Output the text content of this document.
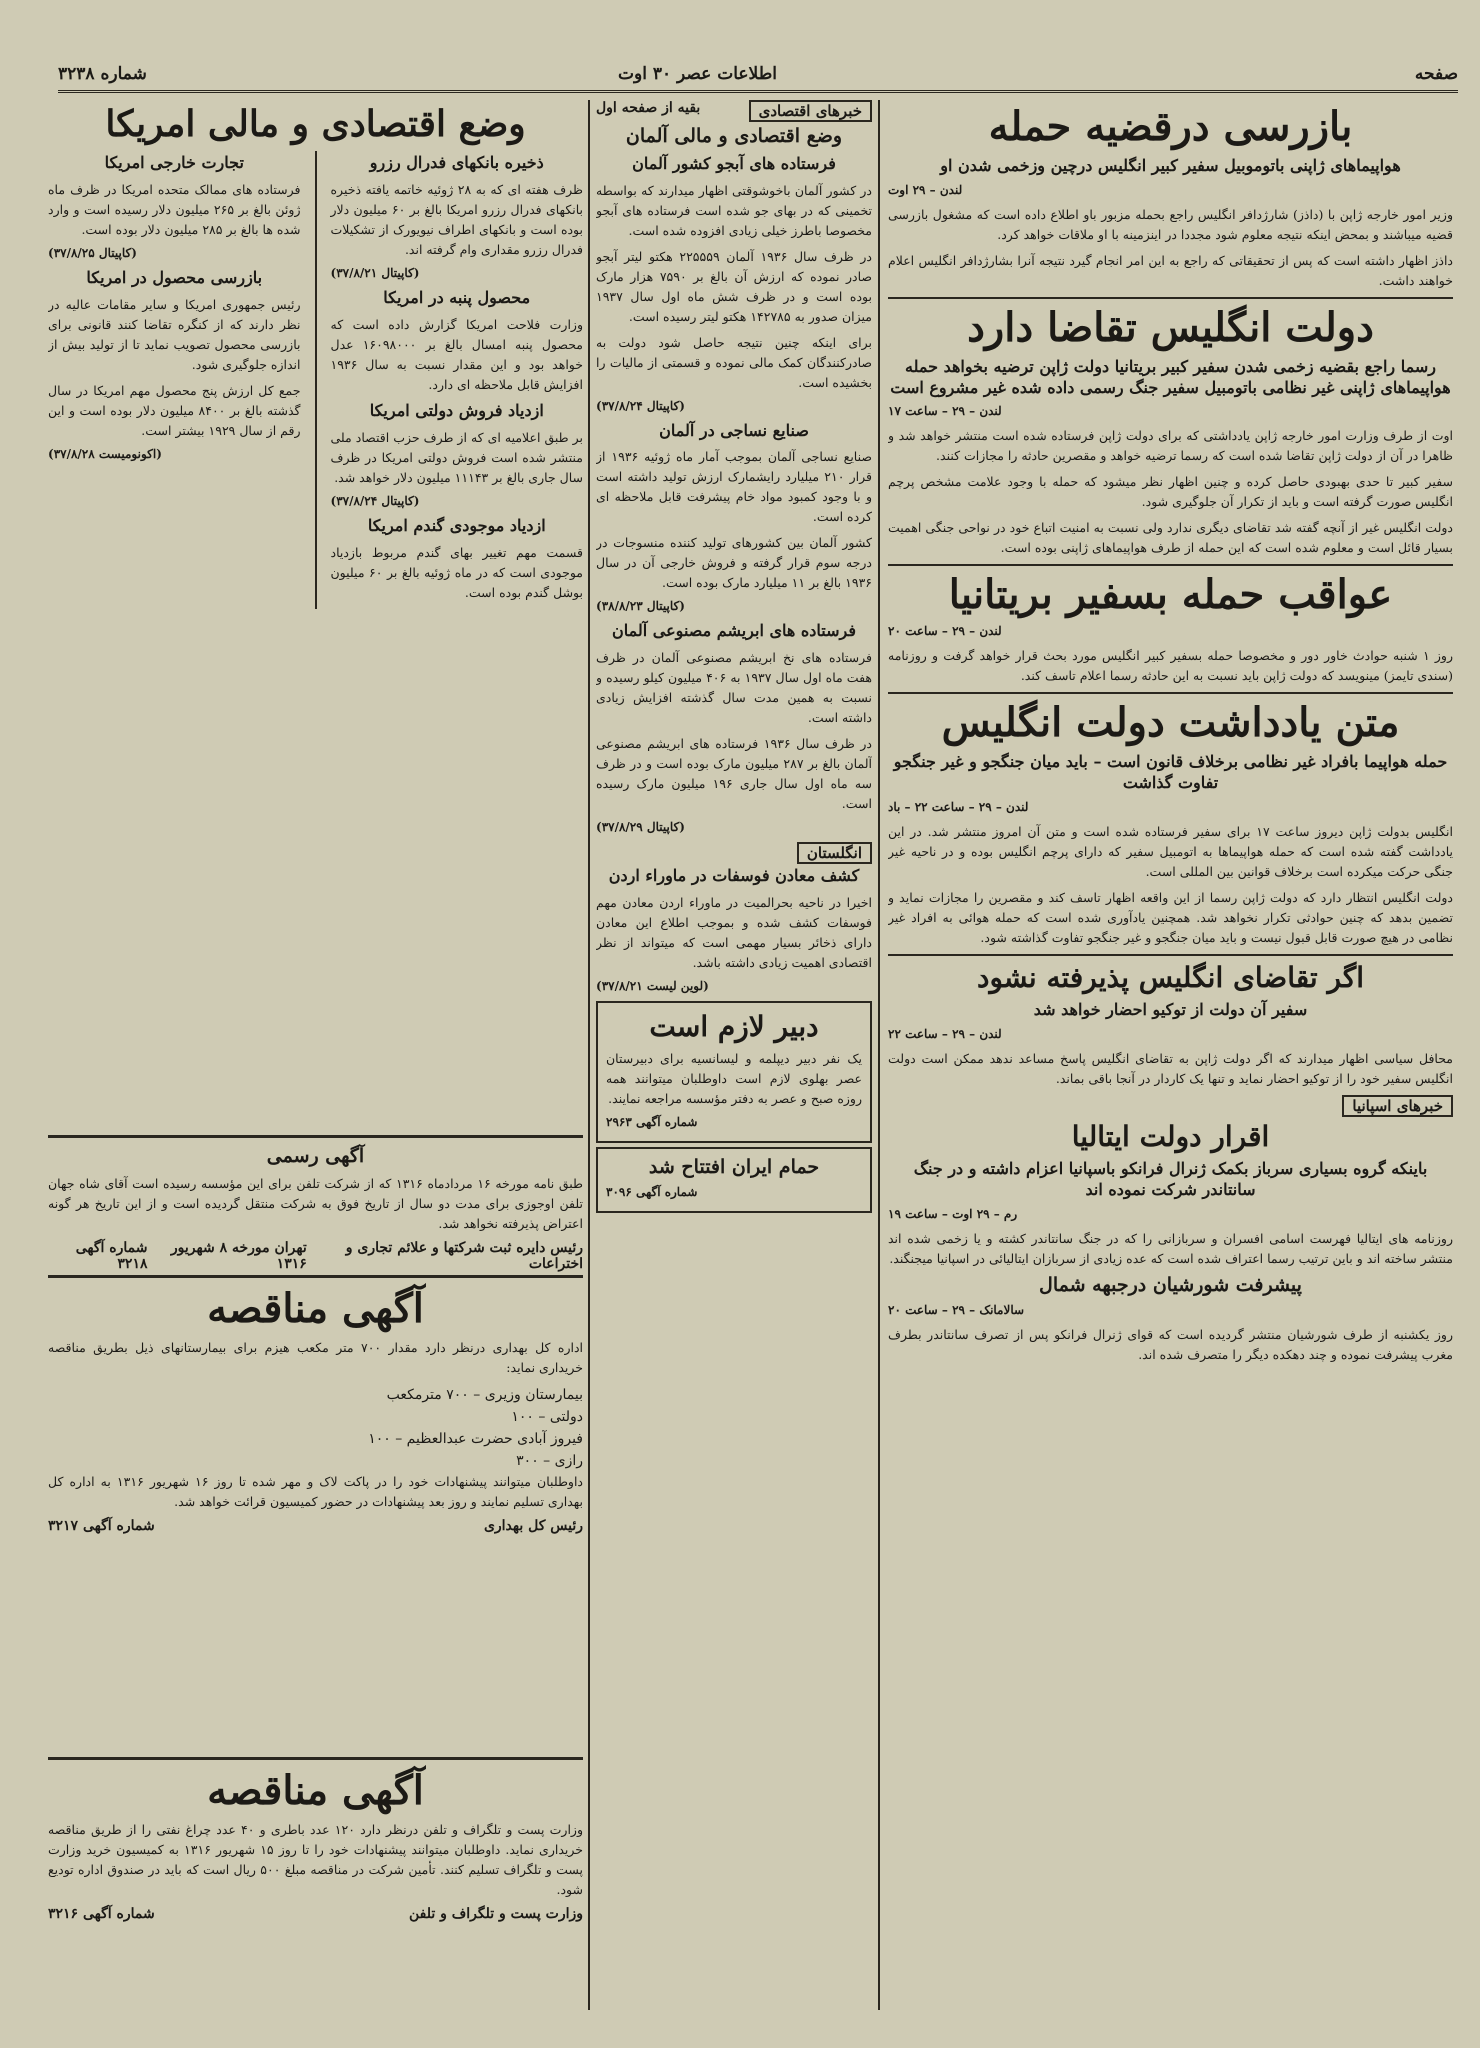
صفحه
اطلاعات عصر ۳۰ اوت
شماره ۳۲۳۸
بازرسی درقضیه حمله
هواپیماهای ژاپنی باتوموبیل سفیر کبیر انگلیس درچین وزخمی شدن او
لندن – ۲۹ اوت

وزیر امور خارجه ژاپن با (داذز) شارژدافر انگلیس راجع بحمله مزبور باو اطلاع داده است که مشغول بازرسی قضیه میباشند و بمحض اینکه نتیجه معلوم شود مجددا در اینزمینه با او ملاقات خواهد کرد.

داذز اظهار داشته است که پس از تحقیقاتی که راجع به این امر انجام گیرد نتیجه آنرا بشارژدافر انگلیس اعلام خواهند داشت.

دولت انگلیس تقاضا دارد
رسما راجع بقضیه زخمی شدن سفیر کبیر بریتانیا دولت ژاپن ترضیه بخواهد حمله هواپیماهای ژاپنی غیر نظامی باتومبیل سفیر جنگ رسمی داده شده غیر مشروع است
لندن – ۲۹ – ساعت ۱۷

اوت از طرف وزارت امور خارجه ژاپن یادداشتی که برای دولت ژاپن فرستاده شده است منتشر خواهد شد و ظاهرا در آن از دولت ژاپن تقاضا شده است که رسما ترضیه خواهد و مقصرین حادثه را مجازات کنند.

سفیر کبیر تا حدی بهبودی حاصل کرده و چنین اظهار نظر میشود که حمله با وجود علامت مشخص پرچم انگلیس صورت گرفته است و باید از تکرار آن جلوگیری شود.

دولت انگلیس غیر از آنچه گفته شد تقاضای دیگری ندارد ولی نسبت به امنیت اتباع خود در نواحی جنگی اهمیت بسیار قائل است و معلوم شده است که این حمله از طرف هواپیماهای ژاپنی بوده است.

عواقب حمله بسفیر بریتانیا
لندن – ۲۹ – ساعت ۲۰

روز ۱ شنبه حوادث خاور دور و مخصوصا حمله بسفیر کبیر انگلیس مورد بحث قرار خواهد گرفت و روزنامه (سندی تایمز) مینویسد که دولت ژاپن باید نسبت به این حادثه رسما اعلام تاسف کند.

متن یادداشت دولت انگلیس
حمله هواپیما بافراد غیر نظامی برخلاف قانون است – باید میان جنگجو و غیر جنگجو تفاوت گذاشت
لندن – ۲۹ – ساعت ۲۲ – باد

انگلیس بدولت ژاپن دیروز ساعت ۱۷ برای سفیر فرستاده شده است و متن آن امروز منتشر شد. در این یادداشت گفته شده است که حمله هواپیماها به اتومبیل سفیر که دارای پرچم انگلیس بوده و در ناحیه غیر جنگی حرکت میکرده است برخلاف قوانین بین المللی است.

دولت انگلیس انتظار دارد که دولت ژاپن رسما از این واقعه اظهار تاسف کند و مقصرین را مجازات نماید و تضمین بدهد که چنین حوادثی تکرار نخواهد شد. همچنین یادآوری شده است که حمله هوائی به افراد غیر نظامی در هیچ صورت قابل قبول نیست و باید میان جنگجو و غیر جنگجو تفاوت گذاشته شود.

اگر تقاضای انگلیس پذیرفته نشود
سفیر آن دولت از توکیو احضار خواهد شد
لندن – ۲۹ – ساعت ۲۲

محافل سیاسی اظهار میدارند که اگر دولت ژاپن به تقاضای انگلیس پاسخ مساعد ندهد ممکن است دولت انگلیس سفیر خود را از توکیو احضار نماید و تنها یک کاردار در آنجا باقی بماند.

خبرهای اسپانیا
اقرار دولت ایتالیا
باینکه گروه بسیاری سرباز بکمک ژنرال فرانکو باسپانیا اعزام داشته و در جنگ سانتاندر شرکت نموده اند
رم – ۲۹ اوت – ساعت ۱۹

روزنامه های ایتالیا فهرست اسامی افسران و سربازانی را که در جنگ سانتاندر کشته و یا زخمی شده اند منتشر ساخته اند و باین ترتیب رسما اعتراف شده است که عده زیادی از سربازان ایتالیائی در اسپانیا میجنگند.

پیشرفت شورشیان درجبهه شمال
سالامانک – ۲۹ – ساعت ۲۰

روز یکشنبه از طرف شورشیان منتشر گردیده است که قوای ژنرال فرانکو پس از تصرف سانتاندر بطرف مغرب پیشرفت نموده و چند دهکده دیگر را متصرف شده اند.

خبرهای اقتصادی
بقیه از صفحه اول
وضع اقتصادی و مالی آلمان
فرستاده های آبجو کشور آلمان

در کشور آلمان باخوشوقتی اظهار میدارند که بواسطه تخمینی که در بهای جو شده است فرستاده های آبجو مخصوصا باطرز خیلی زیادی افزوده شده است.

در ظرف سال ۱۹۳۶ آلمان ۲۲۵۵۵۹ هکتو لیتر آبجو صادر نموده که ارزش آن بالغ بر ۷۵۹۰ هزار مارک بوده است و در ظرف شش ماه اول سال ۱۹۳۷ میزان صدور به ۱۴۲۷۸۵ هکتو لیتر رسیده است.

برای اینکه چنین نتیجه حاصل شود دولت به صادرکنندگان کمک مالی نموده و قسمتی از مالیات را بخشیده است.

(کاپیتال ۳۷/۸/۲۴)
صنایع نساجی در آلمان

صنایع نساجی آلمان بموجب آمار ماه ژوئیه ۱۹۳۶ از قرار ۲۱۰ میلیارد رایشمارک ارزش تولید داشته است و با وجود کمبود مواد خام پیشرفت قابل ملاحظه ای کرده است.

کشور آلمان بین کشورهای تولید کننده منسوجات در درجه سوم قرار گرفته و فروش خارجی آن در سال ۱۹۳۶ بالغ بر ۱۱ میلیارد مارک بوده است.

(کاپیتال ۳۸/۸/۲۳)
فرستاده های ابریشم مصنوعی آلمان

فرستاده های نخ ابریشم مصنوعی آلمان در ظرف هفت ماه اول سال ۱۹۳۷ به ۴۰۶ میلیون کیلو رسیده و نسبت به همین مدت سال گذشته افزایش زیادی داشته است.

در ظرف سال ۱۹۳۶ فرستاده های ابریشم مصنوعی آلمان بالغ بر ۲۸۷ میلیون مارک بوده است و در ظرف سه ماه اول سال جاری ۱۹۶ میلیون مارک رسیده است.

(کاپیتال ۳۷/۸/۲۹)
انگلستان
کشف معادن فوسفات در ماوراء اردن

اخیرا در ناحیه بحرالمیت در ماوراء اردن معادن مهم فوسفات کشف شده و بموجب اطلاع این معادن دارای ذخائر بسیار مهمی است که میتواند از نظر اقتصادی اهمیت زیادی داشته باشد.

(لوین لیست ۳۷/۸/۲۱)
دبیر لازم است

یک نفر دبیر دیپلمه و لیسانسیه برای دبیرستان عصر بهلوی لازم است داوطلبان میتوانند همه روزه صبح و عصر به دفتر مؤسسه مراجعه نمایند.

شماره آگهی ۲۹۶۳
حمام ایران افتتاح شد
شماره آگهی ۳۰۹۶
وضع اقتصادی و مالی امریکا
ذخیره بانکهای فدرال رزرو

ظرف هفته ای که به ۲۸ ژوئیه خاتمه یافته ذخیره بانکهای فدرال رزرو امریکا بالغ بر ۶۰ میلیون دلار بوده است و بانکهای اطراف نیویورک از تشکیلات فدرال رزرو مقداری وام گرفته اند.

(کاپیتال ۳۷/۸/۲۱)
محصول پنبه در امریکا

وزارت فلاحت امریکا گزارش داده است که محصول پنبه امسال بالغ بر ۱۶۰۹۸۰۰۰ عدل خواهد بود و این مقدار نسبت به سال ۱۹۳۶ افزایش قابل ملاحظه ای دارد.

ازدیاد فروش دولتی امریکا

بر طبق اعلامیه ای که از طرف حزب اقتصاد ملی منتشر شده است فروش دولتی امریکا در ظرف سال جاری بالغ بر ۱۱۱۴۳ میلیون دلار خواهد شد.

(کاپیتال ۳۷/۸/۲۴)
ازدیاد موجودی گندم امریکا

قسمت مهم تغییر بهای گندم مربوط بازدیاد موجودی است که در ماه ژوئیه بالغ بر ۶۰ میلیون بوشل گندم بوده است.

تجارت خارجی امریکا

فرستاده های ممالک متحده امریکا در ظرف ماه ژوئن بالغ بر ۲۶۵ میلیون دلار رسیده است و وارد شده ها بالغ بر ۲۸۵ میلیون دلار بوده است.

(کاپیتال ۳۷/۸/۲۵)
بازرسی محصول در امریکا

رئیس جمهوری امریکا و سایر مقامات عالیه در نظر دارند که از کنگره تقاضا کنند قانونی برای بازرسی محصول تصویب نماید تا از تولید بیش از اندازه جلوگیری شود.

جمع کل ارزش پنج محصول مهم امریکا در سال گذشته بالغ بر ۸۴۰۰ میلیون دلار بوده است و این رقم از سال ۱۹۲۹ بیشتر است.

(اکونومیست ۳۷/۸/۲۸)
آگهی رسمی

طبق نامه مورخه ۱۶ مردادماه ۱۳۱۶ که از شرکت تلفن برای این مؤسسه رسیده است آقای شاه جهان تلفن اوجوزی برای مدت دو سال از تاریخ فوق به شرکت منتقل گردیده است و از این تاریخ هر گونه اعتراض پذیرفته نخواهد شد.

رئیس دایره ثبت شرکتها و علائم تجاری و اختراعات
تهران مورخه ۸ شهریور ۱۳۱۶
شماره آگهی ۳۲۱۸
آگهی مناقصه

اداره کل بهداری درنظر دارد مقدار ۷۰۰ متر مکعب هیزم برای بیمارستانهای ذیل بطریق مناقصه خریداری نماید:

بیمارستان وزیری – ۷۰۰ مترمکعب
دولتی – ۱۰۰
فیروز آبادی حضرت عبدالعظیم – ۱۰۰
رازی – ۳۰۰

داوطلبان میتوانند پیشنهادات خود را در پاکت لاک و مهر شده تا روز ۱۶ شهریور ۱۳۱۶ به اداره کل بهداری تسلیم نمایند و روز بعد پیشنهادات در حضور کمیسیون قرائت خواهد شد.

رئیس کل بهداری
شماره آگهی ۳۲۱۷
آگهی مناقصه

وزارت پست و تلگراف و تلفن درنظر دارد ۱۲۰ عدد باطری و ۴۰ عدد چراغ نفتی را از طریق مناقصه خریداری نماید. داوطلبان میتوانند پیشنهادات خود را تا روز ۱۵ شهریور ۱۳۱۶ به کمیسیون خرید وزارت پست و تلگراف تسلیم کنند. تأمین شرکت در مناقصه مبلغ ۵۰۰ ریال است که باید در صندوق اداره تودیع شود.

وزارت پست و تلگراف و تلفن
شماره آگهی ۳۲۱۶
